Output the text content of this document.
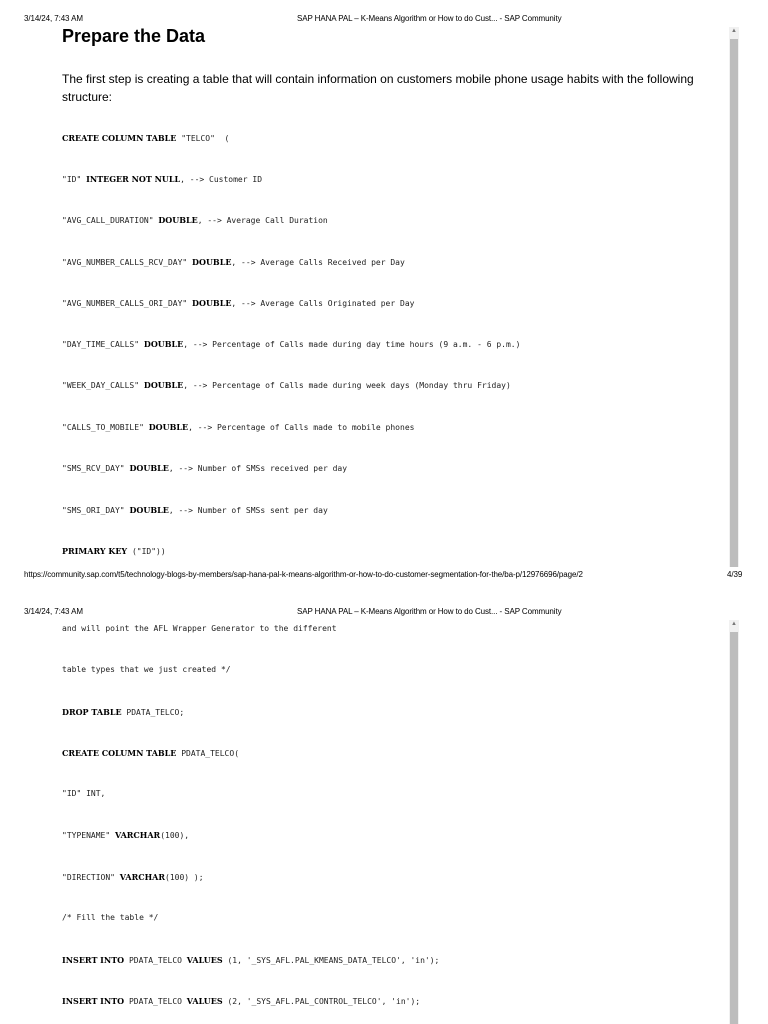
3/14/24, 7:43 AM	SAP HANA PAL – K-Means Algorithm or How to do Cust... - SAP Community
Prepare the Data
The first step is creating a table that will contain information on customers mobile phone usage habits with the following structure:
CREATE COLUMN TABLE "TELCO"  (
"ID" INTEGER NOT NULL, --> Customer ID
"AVG_CALL_DURATION" DOUBLE, --> Average Call Duration
"AVG_NUMBER_CALLS_RCV_DAY" DOUBLE, --> Average Calls Received per Day
"AVG_NUMBER_CALLS_ORI_DAY" DOUBLE, --> Average Calls Originated per Day
"DAY_TIME_CALLS" DOUBLE, --> Percentage of Calls made during day time hours (9 a.m. - 6 p.m.)
"WEEK_DAY_CALLS" DOUBLE, --> Percentage of Calls made during week days (Monday thru Friday)
"CALLS_TO_MOBILE" DOUBLE, --> Percentage of Calls made to mobile phones
"SMS_RCV_DAY" DOUBLE, --> Number of SMSs received per day
"SMS_ORI_DAY" DOUBLE, --> Number of SMSs sent per day
PRIMARY KEY ("ID"))
▲
https://community.sap.com/t5/technology-blogs-by-members/sap-hana-pal-k-means-algorithm-or-how-to-do-customer-segmentation-for-the/ba-p/12976696/page/2	4/39
3/14/24, 7:43 AM	SAP HANA PAL – K-Means Algorithm or How to do Cust... - SAP Community
and will point the AFL Wrapper Generator to the different
table types that we just created */
DROP TABLE PDATA_TELCO;
CREATE COLUMN TABLE PDATA_TELCO(
"ID" INT,
"TYPENAME" VARCHAR(100),
"DIRECTION" VARCHAR(100) );
/* Fill the table */
INSERT INTO PDATA_TELCO VALUES (1, '_SYS_AFL.PAL_KMEANS_DATA_TELCO', 'in');
INSERT INTO PDATA_TELCO VALUES (2, '_SYS_AFL.PAL_CONTROL_TELCO', 'in');
▲
